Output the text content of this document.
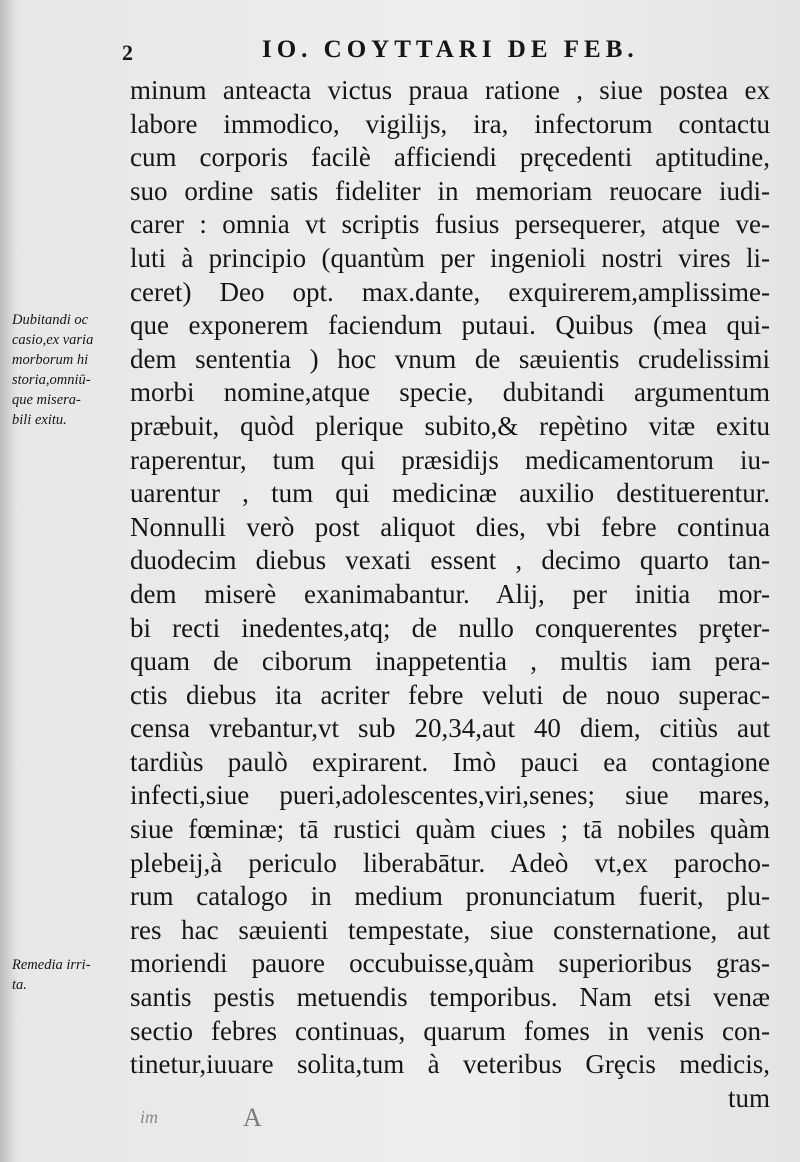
2	IO. COYTTARI DE FEB.
minum anteacta victus praua ratione , siue postea ex
labore immodico, vigilijs, ira, infectorum contactu
cum corporis facilè afficiendi pręcedenti aptitudine,
suo ordine satis fideliter in memoriam reuocare iudi-
carer : omnia vt scriptis fusius persequerer, atque ve-
luti à principio (quantùm per ingenioli nostri vires li-
ceret) Deo opt. max.dante, exquirerem,amplissime-
que exponerem faciendum putaui. Quibus (mea qui-
dem sententia ) hoc vnum de sæuientis crudelissimi
morbi nomine,atque specie, dubitandi argumentum
præbuit, quòd plerique subito,& repètino vitæ exitu
raperentur, tum qui præsidijs medicamentorum iu-
uarentur , tum qui medicinæ auxilio destituerentur.
Nonnulli verò post aliquot dies, vbi febre continua
duodecim diebus vexati essent , decimo quarto tan-
dem miserè exanimabantur. Alij, per initia mor-
bi recti inedentes,atq; de nullo conquerentes prȩter-
quam de ciborum inappetentia , multis iam pera-
ctis diebus ita acriter febre veluti de nouo superac-
censa vrebantur,vt sub 20,34,aut 40 diem, citiùs aut
tardiùs paulò expirarent. Imò pauci ea contagione
infecti,siue pueri,adolescentes,viri,senes; siue mares,
siue fœminæ; tā rustici quàm ciues ; tā nobiles quàm
plebeij,à periculo liberabātur. Adeò vt,ex parocho-
rum catalogo in medium pronunciatum fuerit, plu-
res hac sæuienti tempestate, siue consternatione, aut
moriendi pauore occubuisse,quàm superioribus gras-
santis pestis metuendis temporibus. Nam etsi venæ
sectio febres continuas, quarum fomes in venis con-
tinetur,iuuare solita,tum à veteribus Grȩcis medicis,
tum
Dubitandi oc
casio,ex varia
morborum hi
storia,omniū-
que misera-
bili exitu.
Remedia irri-
ta.
im	A
